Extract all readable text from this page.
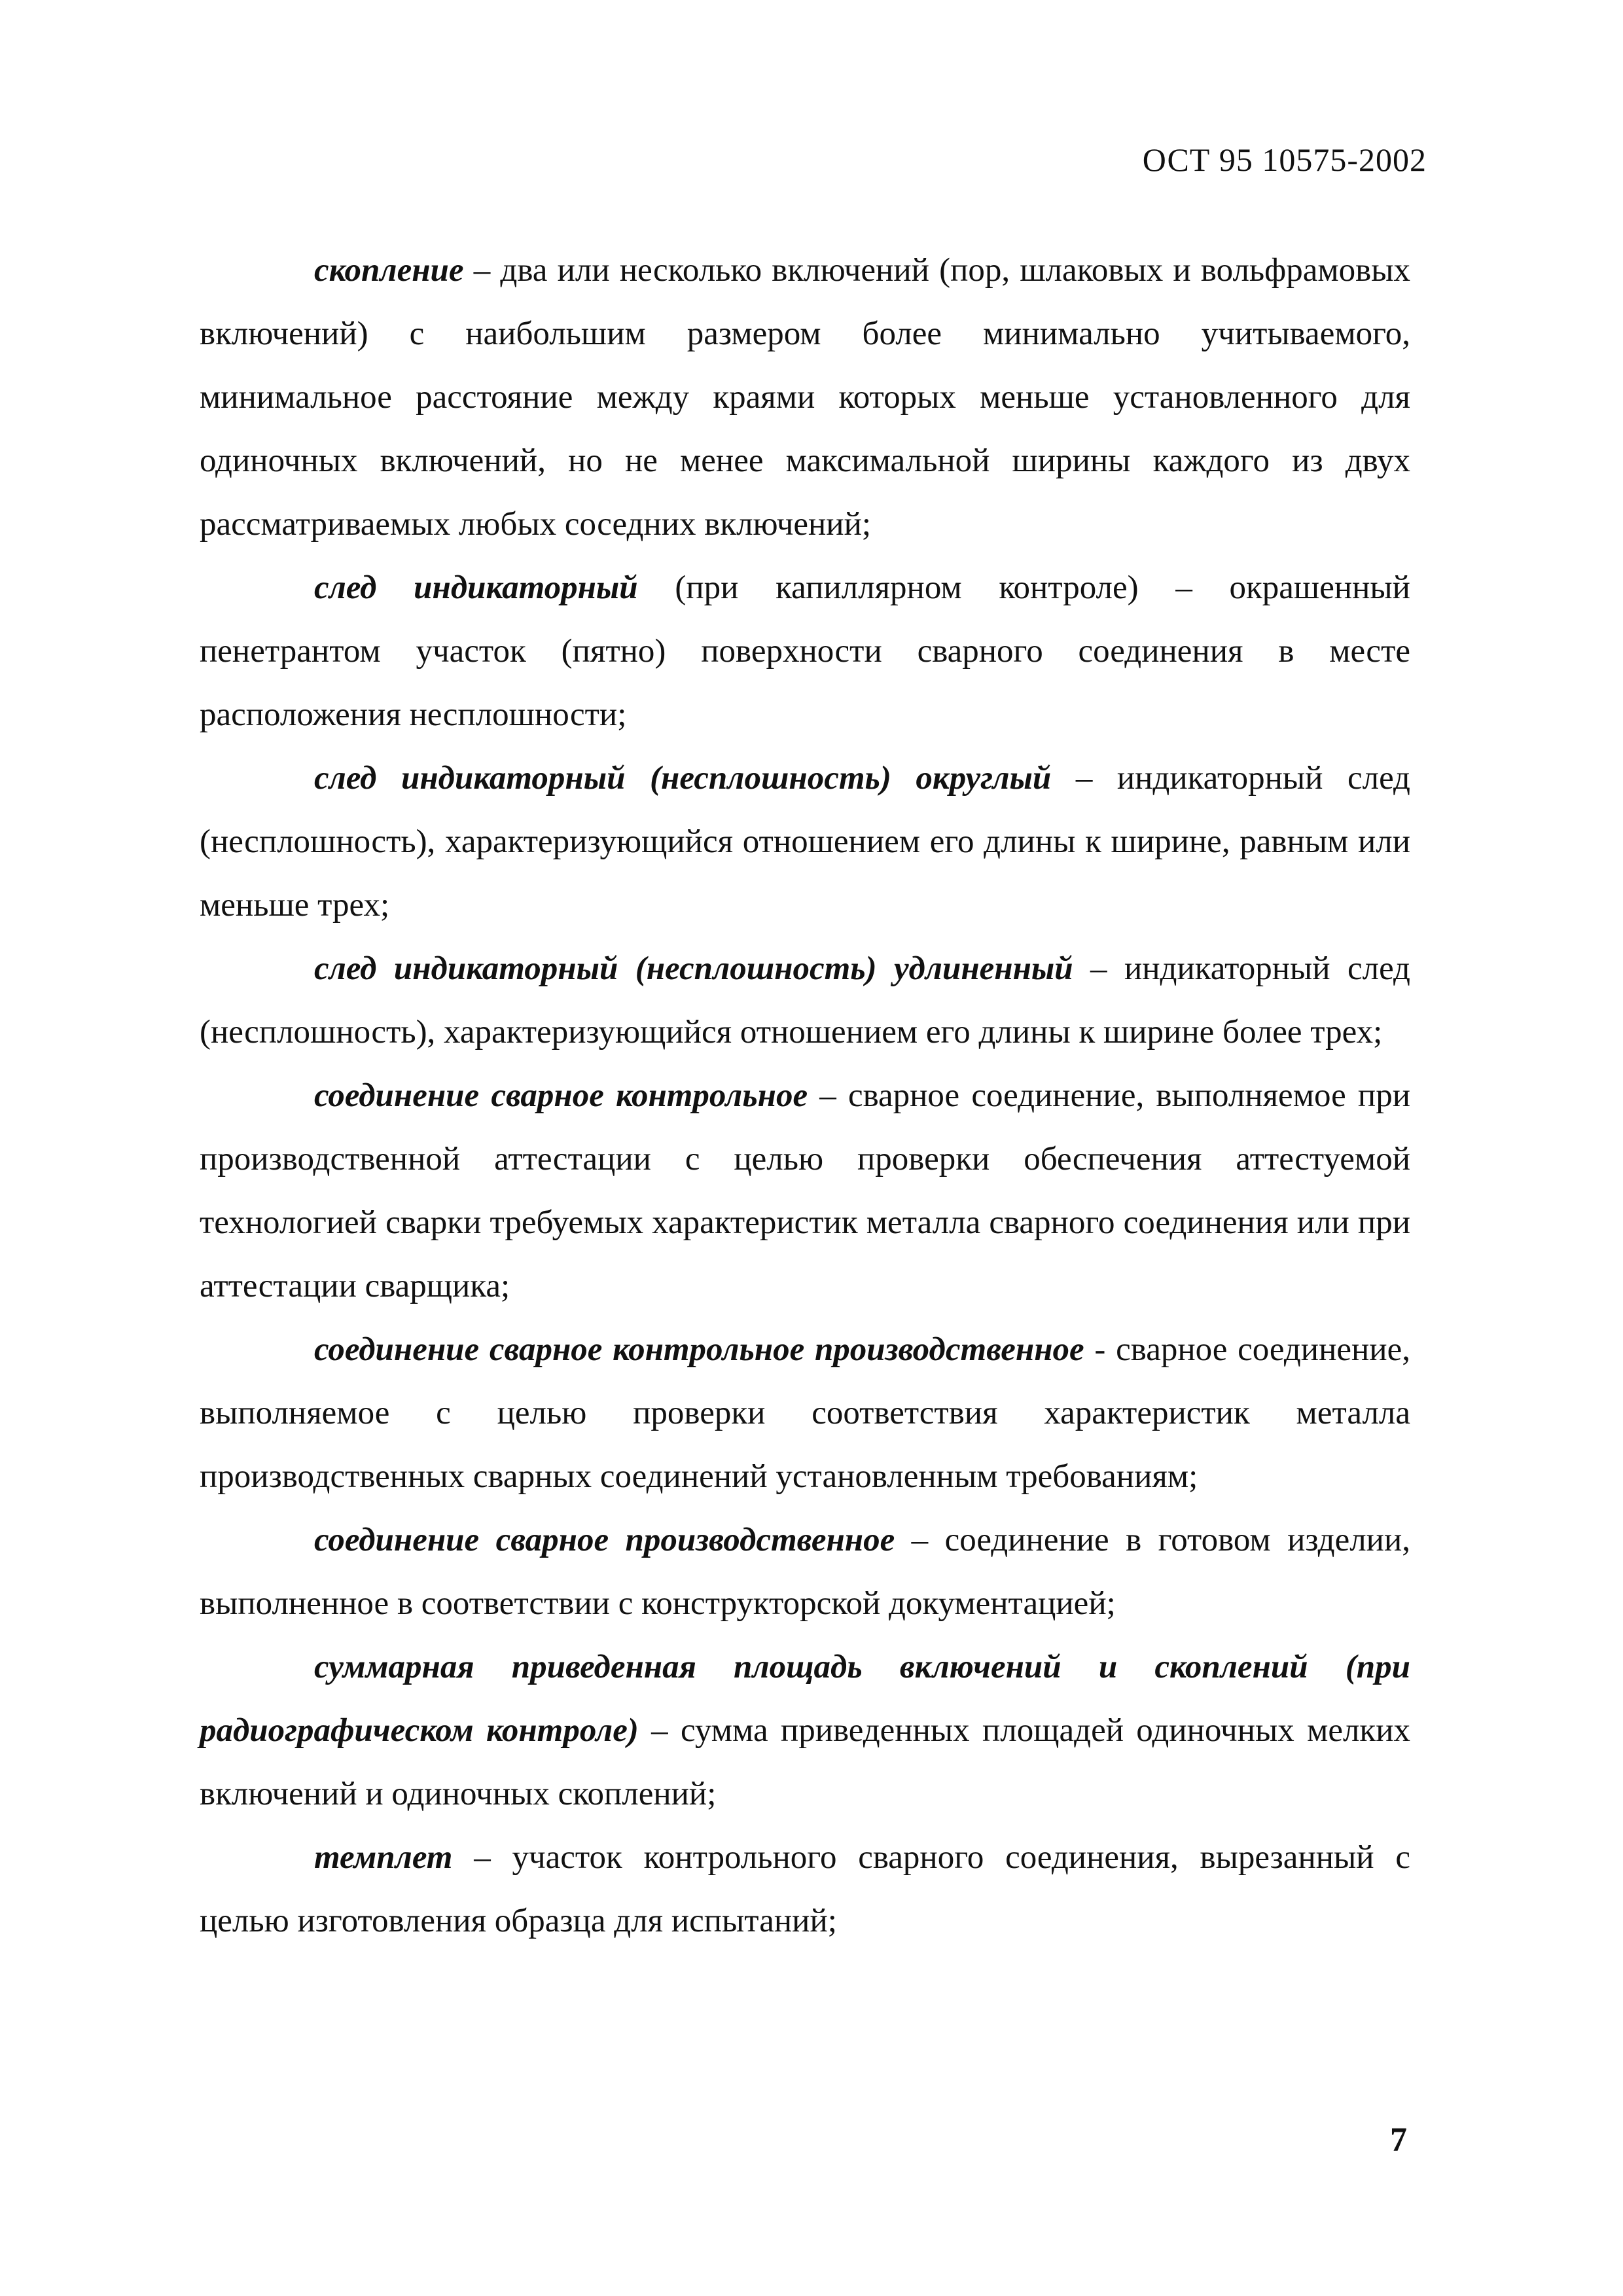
ОСТ 95 10575-2002

скопление – два или несколько включений (пор, шлаковых и вольфрамовых включений) с наибольшим размером более минимально учитываемого, минимальное расстояние между краями которых меньше установленного для одиночных включений, но не менее максимальной ширины каждого из двух рассматриваемых любых соседних включений;

след индикаторный (при капиллярном контроле) – окрашенный пенетрантом участок (пятно) поверхности сварного соединения в месте расположения несплошности;

след индикаторный (несплошность) округлый – индикаторный след (несплошность), характеризующийся отношением его длины к ширине, равным или меньше трех;

след индикаторный (несплошность) удлиненный – индикаторный след (несплошность), характеризующийся отношением его длины к ширине более трех;

соединение сварное контрольное – сварное соединение, выполняемое при производственной аттестации с целью проверки обеспечения аттестуемой технологией сварки требуемых характеристик металла сварного соединения или при аттестации сварщика;

соединение сварное контрольное производственное - сварное соединение, выполняемое с целью проверки соответствия характеристик металла производственных сварных соединений установленным требованиям;

соединение сварное производственное – соединение в готовом изделии, выполненное в соответствии с конструкторской документацией;

суммарная приведенная площадь включений и скоплений (при радиографическом контроле) – сумма приведенных площадей одиночных мелких включений и одиночных скоплений;

темплет – участок контрольного сварного соединения, вырезанный с целью изготовления образца для испытаний;

7
